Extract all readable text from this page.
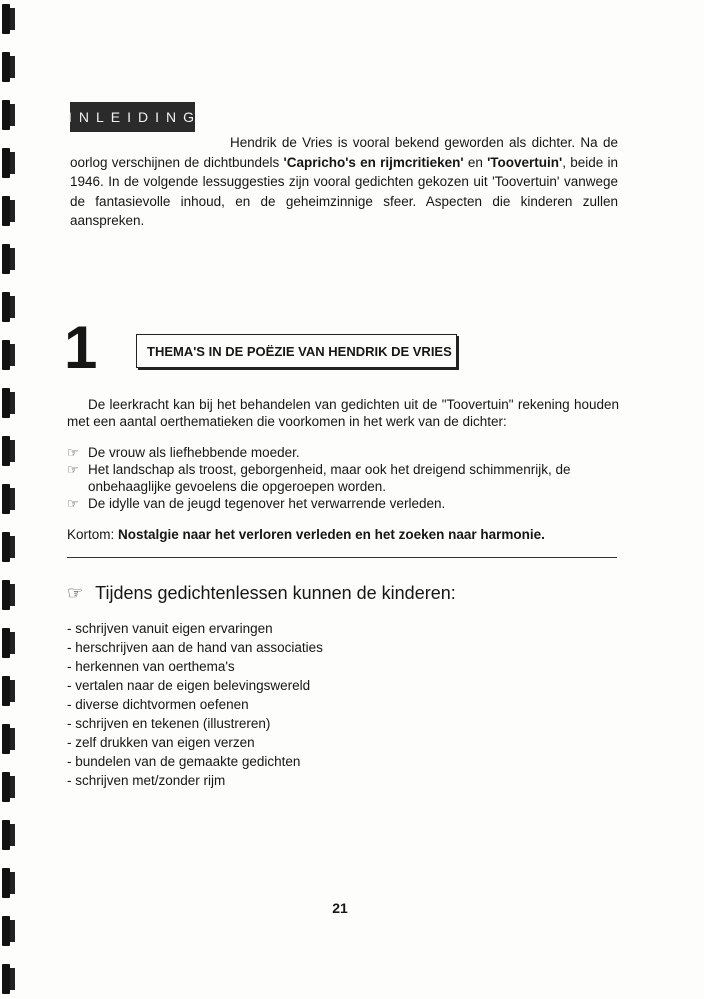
INLEIDING

Hendrik de Vries is vooral bekend geworden als dichter. Na de oorlog verschijnen de dichtbundels 'Capricho's en rijmcritieken' en 'Toovertuin', beide in 1946. In de volgende lessuggesties zijn vooral gedichten gekozen uit 'Toovertuin' vanwege de fantasievolle inhoud, en de geheimzinnige sfeer. Aspecten die kinderen zullen aanspreken.

1	THEMA'S IN DE POËZIE VAN HENDRIK DE VRIES

De leerkracht kan bij het behandelen van gedichten uit de "Toovertuin" rekening houden met een aantal oerthematieken die voorkomen in het werk van de dichter:

☞ De vrouw als liefhebbende moeder.
☞ Het landschap als troost, geborgenheid, maar ook het dreigend schimmenrijk, de onbehaaglijke gevoelens die opgeroepen worden.
☞ De idylle van de jeugd tegenover het verwarrende verleden.

Kortom: Nostalgie naar het verloren verleden en het zoeken naar harmonie.

☞ Tijdens gedichtenlessen kunnen de kinderen:

- schrijven vanuit eigen ervaringen
- herschrijven aan de hand van associaties
- herkennen van oerthema's
- vertalen naar de eigen belevingswereld
- diverse dichtvormen oefenen
- schrijven en tekenen (illustreren)
- zelf drukken van eigen verzen
- bundelen van de gemaakte gedichten
- schrijven met/zonder rijm
21
